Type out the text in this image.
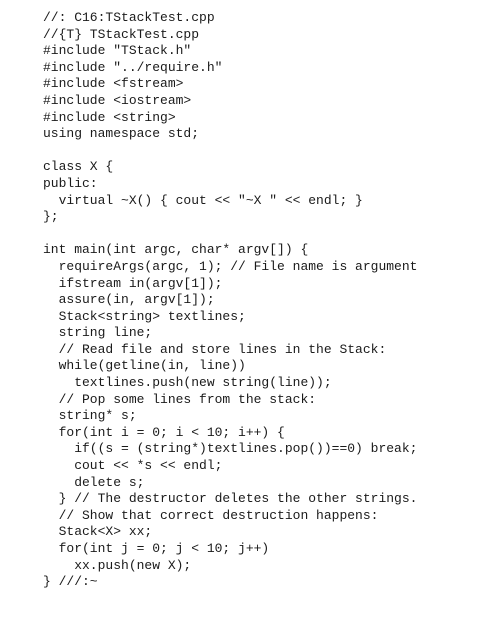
//: C16:TStackTest.cpp
//{T} TStackTest.cpp
#include "TStack.h"
#include "../require.h"
#include <fstream>
#include <iostream>
#include <string>
using namespace std;
class X {
public:
virtual ~X() { cout << "~X " << endl; }
};
int main(int argc, char* argv[]) {
requireArgs(argc, 1); // File name is argument
ifstream in(argv[1]);
assure(in, argv[1]);
Stack<string> textlines;
string line;
// Read file and store lines in the Stack:
while(getline(in, line))
textlines.push(new string(line));
// Pop some lines from the stack:
string* s;
for(int i = 0; i < 10; i++) {
if((s = (string*)textlines.pop())==0) break;
cout << *s << endl;
delete s;
} // The destructor deletes the other strings.
// Show that correct destruction happens:
Stack<X> xx;
for(int j = 0; j < 10; j++)
xx.push(new X);
} ///:~
